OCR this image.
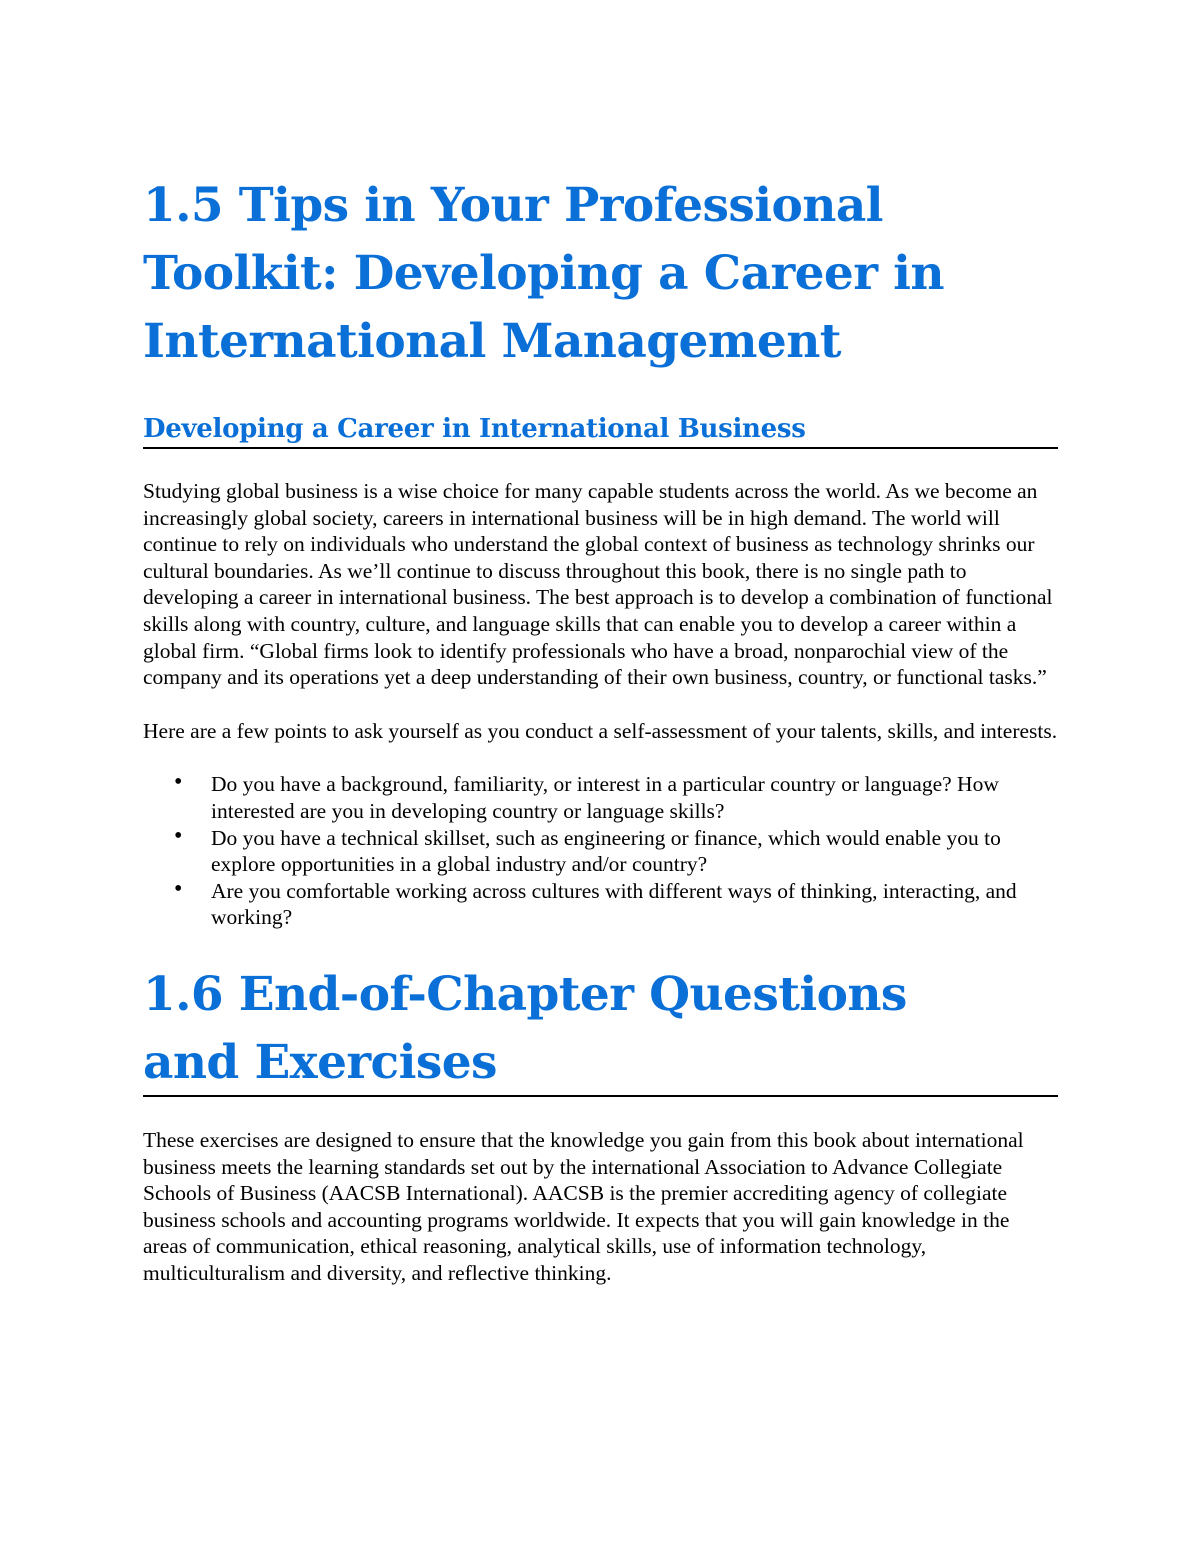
1.5 Tips in Your Professional Toolkit: Developing a Career in International Management
Developing a Career in International Business

Studying global business is a wise choice for many capable students across the world. As we become an increasingly global society, careers in international business will be in high demand. The world will continue to rely on individuals who understand the global context of business as technology shrinks our cultural boundaries. As we’ll continue to discuss throughout this book, there is no single path to developing a career in international business. The best approach is to develop a combination of functional skills along with country, culture, and language skills that can enable you to develop a career within a global firm. “Global firms look to identify professionals who have a broad, nonparochial view of the company and its operations yet a deep understanding of their own business, country, or functional tasks.”

Here are a few points to ask yourself as you conduct a self-assessment of your talents, skills, and interests.

• Do you have a background, familiarity, or interest in a particular country or language? How interested are you in developing country or language skills?
• Do you have a technical skillset, such as engineering or finance, which would enable you to explore opportunities in a global industry and/or country?
• Are you comfortable working across cultures with different ways of thinking, interacting, and working?
1.6 End-of-Chapter Questions and Exercises

These exercises are designed to ensure that the knowledge you gain from this book about international business meets the learning standards set out by the international Association to Advance Collegiate Schools of Business (AACSB International). AACSB is the premier accrediting agency of collegiate business schools and accounting programs worldwide. It expects that you will gain knowledge in the areas of communication, ethical reasoning, analytical skills, use of information technology, multiculturalism and diversity, and reflective thinking.
